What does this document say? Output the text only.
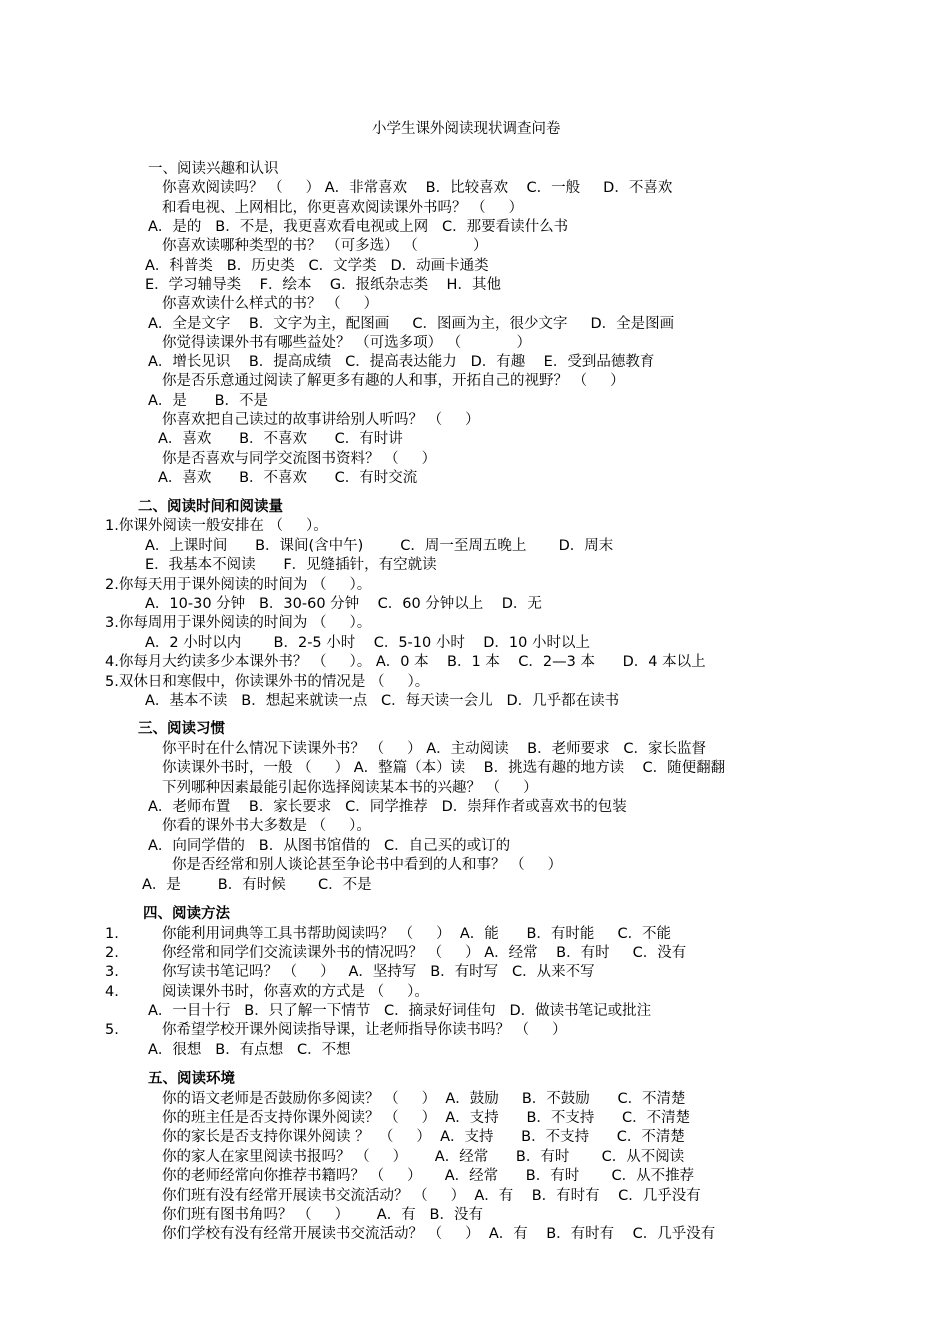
小学生课外阅读现状调查问卷
一、阅读兴趣和认识
你喜欢阅读吗？ （     ） A．非常喜欢    B．比较喜欢    C．一般     D．不喜欢
和看电视、上网相比，你更喜欢阅读课外书吗？ （     ）
A．是的   B．不是，我更喜欢看电视或上网   C．那要看读什么书
你喜欢读哪种类型的书？ （可多选） （            ）
A．科普类   B．历史类   C．文学类   D．动画卡通类
E．学习辅导类    F．绘本    G．报纸杂志类    H．其他
你喜欢读什么样式的书？ （     ）
A．全是文字    B．文字为主，配图画     C．图画为主，很少文字     D．全是图画
你觉得读课外书有哪些益处？ （可选多项） （            ）
A．增长见识    B．提高成绩   C．提高表达能力   D．有趣    E．受到品德教育
你是否乐意通过阅读了解更多有趣的人和事，开拓自己的视野？ （     ）
A．是      B．不是
你喜欢把自己读过的故事讲给别人听吗？ （     ）
A．喜欢      B．不喜欢      C．有时讲
你是否喜欢与同学交流图书资料？ （     ）
A．喜欢      B．不喜欢      C．有时交流
二、阅读时间和阅读量
1.你课外阅读一般安排在 （     ）。
A．上课时间      B．课间(含中午)        C．周一至周五晚上       D．周末
E．我基本不阅读      F．见缝插针，有空就读
2.你每天用于课外阅读的时间为 （     ）。
A．10-30 分钟   B．30-60 分钟    C．60 分钟以上    D．无
3.你每周用于课外阅读的时间为 （     ）。
A．2 小时以内       B．2-5 小时    C．5-10 小时    D．10 小时以上
4.你每月大约读多少本课外书？ （     ）。 A．0 本    B．1 本    C．2—3 本      D．4 本以上
5.双休日和寒假中，你读课外书的情况是 （     ）。
A．基本不读   B．想起来就读一点   C．每天读一会儿   D．几乎都在读书
三、阅读习惯
你平时在什么情况下读课外书？ （     ） A．主动阅读    B．老师要求   C．家长监督
你读课外书时，一般 （     ） A．整篇（本）读    B．挑选有趣的地方读    C．随便翻翻
下列哪种因素最能引起你选择阅读某本书的兴趣？ （     ）
A．老师布置    B．家长要求   C．同学推荐   D．崇拜作者或喜欢书的包装
你看的课外书大多数是 （     ）。
A．向同学借的   B．从图书馆借的   C．自己买的或订的
你是否经常和别人谈论甚至争论书中看到的人和事？ （     ）
A．是        B．有时候       C．不是
四、阅读方法
1.	你能利用词典等工具书帮助阅读吗？ （     ）  A．能      B．有时能     C．不能
2.	你经常和同学们交流读课外书的情况吗？ （     ） A．经常    B．有时     C．没有
3.	你写读书笔记吗？ （     ）   A．坚持写   B．有时写   C．从来不写
4.	阅读课外书时，你喜欢的方式是 （     ）。
A．一目十行   B．只了解一下情节   C．摘录好词佳句   D．做读书笔记或批注
5.	你希望学校开课外阅读指导课，让老师指导你读书吗？ （     ）
A．很想   B．有点想   C．不想
五、阅读环境
你的语文老师是否鼓励你多阅读？ （     ）  A．鼓励     B．不鼓励      C．不清楚
你的班主任是否支持你课外阅读？ （     ）  A．支持      B．不支持      C．不清楚
你的家长是否支持你课外阅读 ？  （     ）  A．支持      B．不支持      C．不清楚
你的家人在家里阅读书报吗？ （     ）      A．经常      B．有时       C．从不阅读
你的老师经常向你推荐书籍吗？ （     ）     A．经常      B．有时       C．从不推荐
你们班有没有经常开展读书交流活动？ （     ）  A．有    B．有时有    C．几乎没有
你们班有图书角吗？ （     ）      A．有   B．没有
你们学校有没有经常开展读书交流活动？ （     ）  A．有    B．有时有    C．几乎没有
